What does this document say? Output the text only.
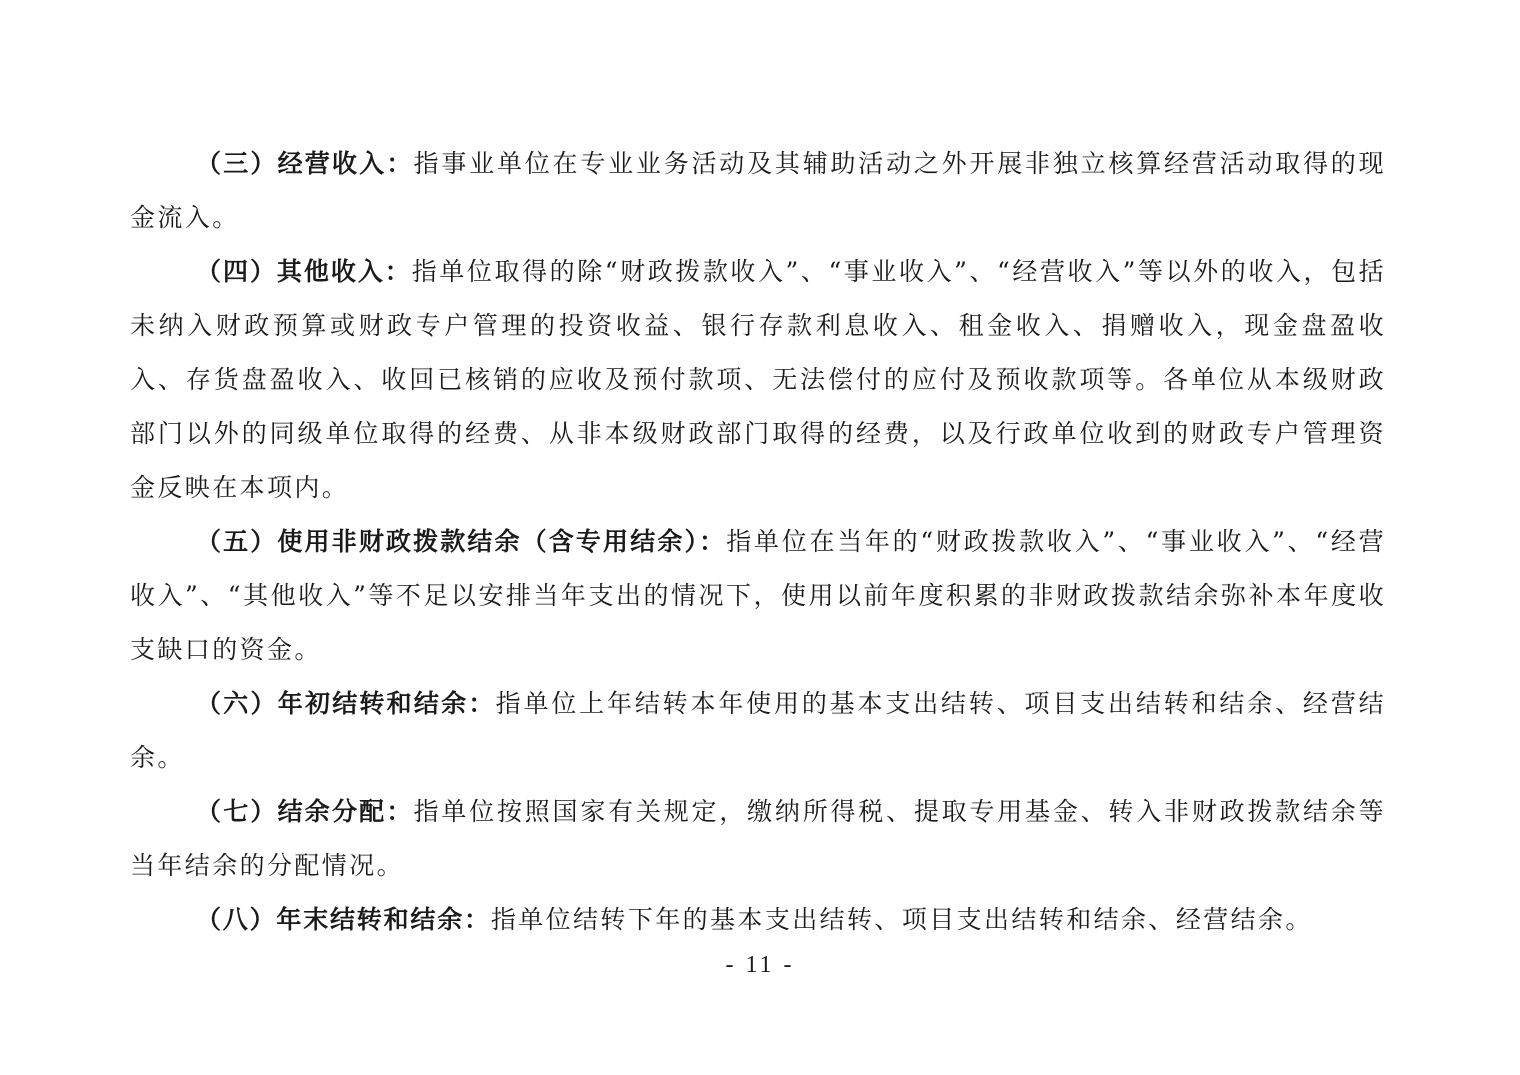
（三）经营收入：指事业单位在专业业务活动及其辅助活动之外开展非独立核算经营活动取得的现金流入。

（四）其他收入：指单位取得的除“财政拨款收入”、“事业收入”、“经营收入”等以外的收入，包括未纳入财政预算或财政专户管理的投资收益、银行存款利息收入、租金收入、捐赠收入，现金盘盈收入、存货盘盈收入、收回已核销的应收及预付款项、无法偿付的应付及预收款项等。各单位从本级财政部门以外的同级单位取得的经费、从非本级财政部门取得的经费，以及行政单位收到的财政专户管理资金反映在本项内。

（五）使用非财政拨款结余（含专用结余）：指单位在当年的“财政拨款收入”、“事业收入”、“经营收入”、“其他收入”等不足以安排当年支出的情况下，使用以前年度积累的非财政拨款结余弥补本年度收支缺口的资金。

（六）年初结转和结余：指单位上年结转本年使用的基本支出结转、项目支出结转和结余、经营结余。

（七）结余分配：指单位按照国家有关规定，缴纳所得税、提取专用基金、转入非财政拨款结余等当年结余的分配情况。

（八）年末结转和结余：指单位结转下年的基本支出结转、项目支出结转和结余、经营结余。

- 11 -
